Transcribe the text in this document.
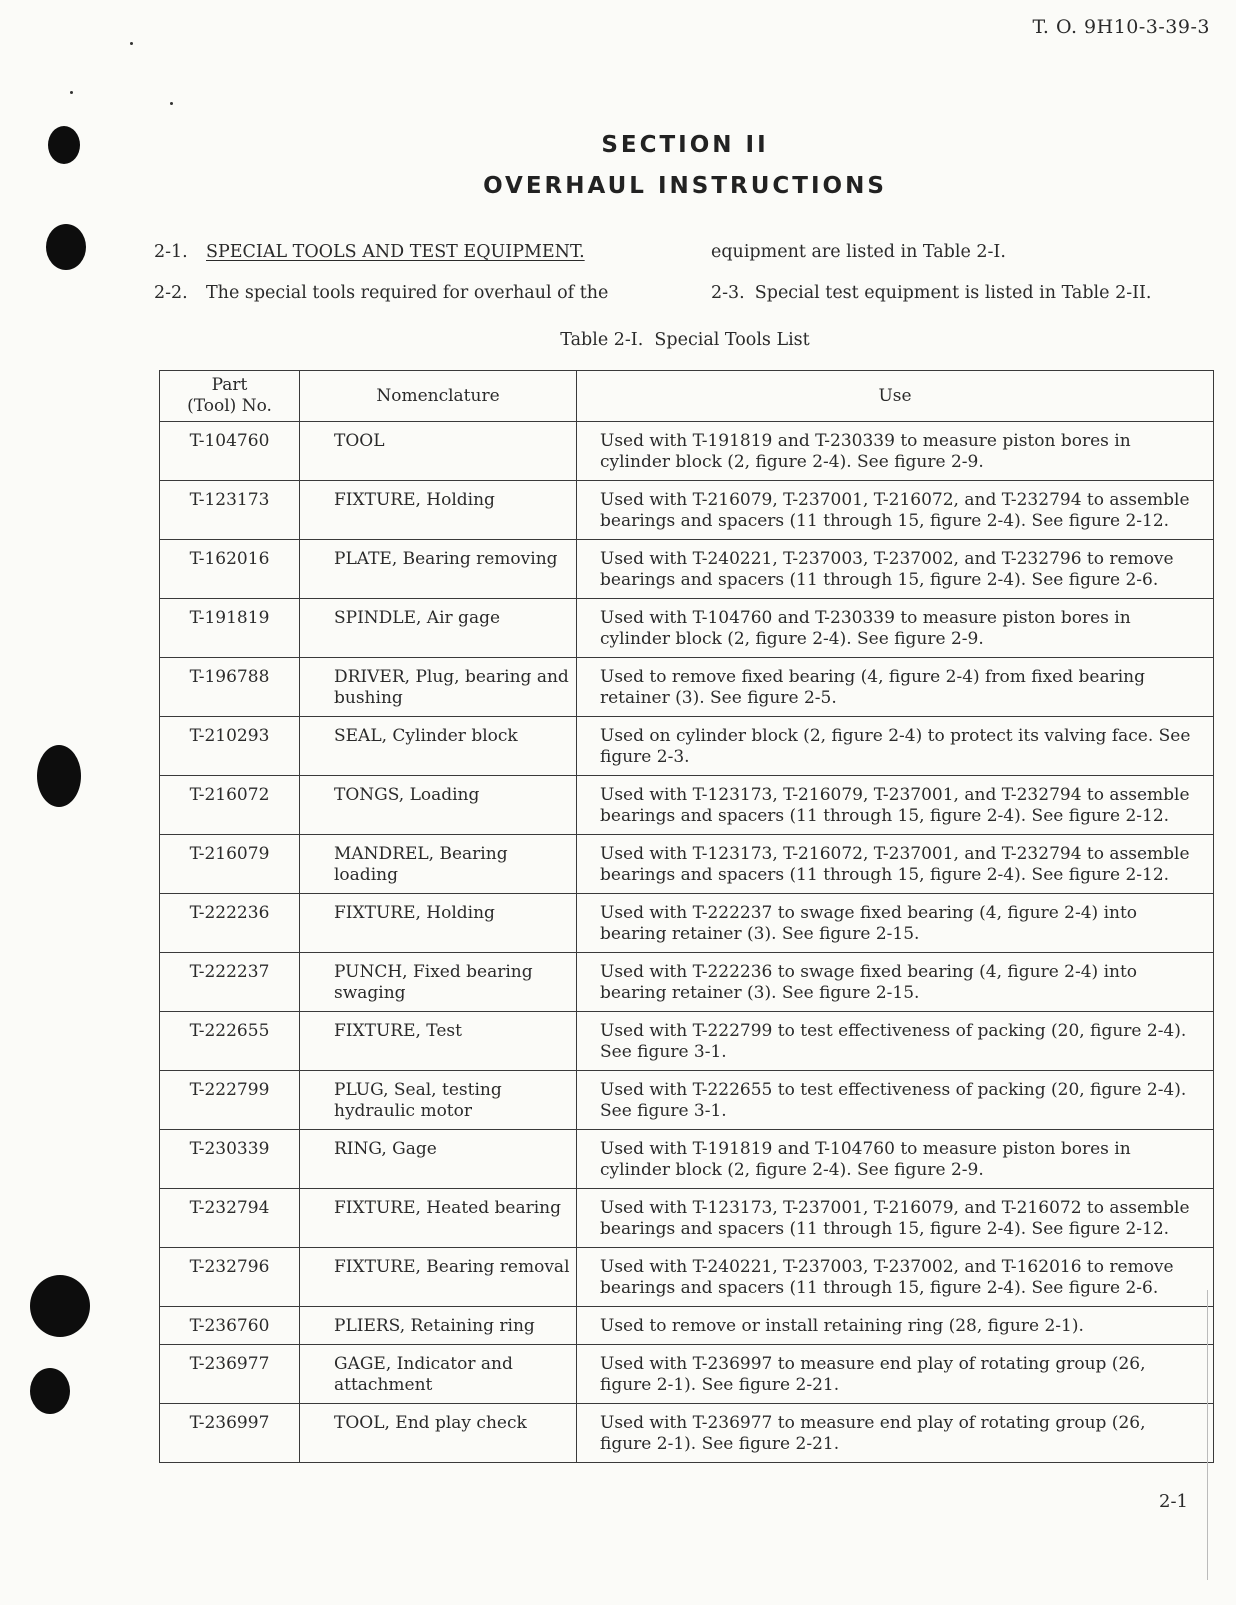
T. O. 9H10-3-39-3
SECTION II
OVERHAUL INSTRUCTIONS
2-1. SPECIAL TOOLS AND TEST EQUIPMENT.	equipment are listed in Table 2-I.
2-2. The special tools required for overhaul of the	2-3. Special test equipment is listed in Table 2-II.
Table 2-I.  Special Tools List
Part
(Tool) No.	Nomenclature	Use
T-104760	TOOL	Used with T-191819 and T-230339 to measure piston bores in cylinder block (2, figure 2-4). See figure 2-9.
T-123173	FIXTURE, Holding	Used with T-216079, T-237001, T-216072, and T-232794 to assemble bearings and spacers (11 through 15, figure 2-4). See figure 2-12.
T-162016	PLATE, Bearing removing	Used with T-240221, T-237003, T-237002, and T-232796 to remove bearings and spacers (11 through 15, figure 2-4). See figure 2-6.
T-191819	SPINDLE, Air gage	Used with T-104760 and T-230339 to measure piston bores in cylinder block (2, figure 2-4). See figure 2-9.
T-196788	DRIVER, Plug, bearing and bushing	Used to remove fixed bearing (4, figure 2-4) from fixed bearing retainer (3). See figure 2-5.
T-210293	SEAL, Cylinder block	Used on cylinder block (2, figure 2-4) to protect its valving face. See figure 2-3.
T-216072	TONGS, Loading	Used with T-123173, T-216079, T-237001, and T-232794 to assemble bearings and spacers (11 through 15, figure 2-4). See figure 2-12.
T-216079	MANDREL, Bearing loading	Used with T-123173, T-216072, T-237001, and T-232794 to assemble bearings and spacers (11 through 15, figure 2-4). See figure 2-12.
T-222236	FIXTURE, Holding	Used with T-222237 to swage fixed bearing (4, figure 2-4) into bearing retainer (3). See figure 2-15.
T-222237	PUNCH, Fixed bearing swaging	Used with T-222236 to swage fixed bearing (4, figure 2-4) into bearing retainer (3). See figure 2-15.
T-222655	FIXTURE, Test	Used with T-222799 to test effectiveness of packing (20, figure 2-4). See figure 3-1.
T-222799	PLUG, Seal, testing hydraulic motor	Used with T-222655 to test effectiveness of packing (20, figure 2-4). See figure 3-1.
T-230339	RING, Gage	Used with T-191819 and T-104760 to measure piston bores in cylinder block (2, figure 2-4). See figure 2-9.
T-232794	FIXTURE, Heated bearing	Used with T-123173, T-237001, T-216079, and T-216072 to assemble bearings and spacers (11 through 15, figure 2-4). See figure 2-12.
T-232796	FIXTURE, Bearing removal	Used with T-240221, T-237003, T-237002, and T-162016 to remove bearings and spacers (11 through 15, figure 2-4). See figure 2-6.
T-236760	PLIERS, Retaining ring	Used to remove or install retaining ring (28, figure 2-1).
T-236977	GAGE, Indicator and attachment	Used with T-236997 to measure end play of rotating group (26, figure 2-1). See figure 2-21.
T-236997	TOOL, End play check	Used with T-236977 to measure end play of rotating group (26, figure 2-1). See figure 2-21.
2-1
